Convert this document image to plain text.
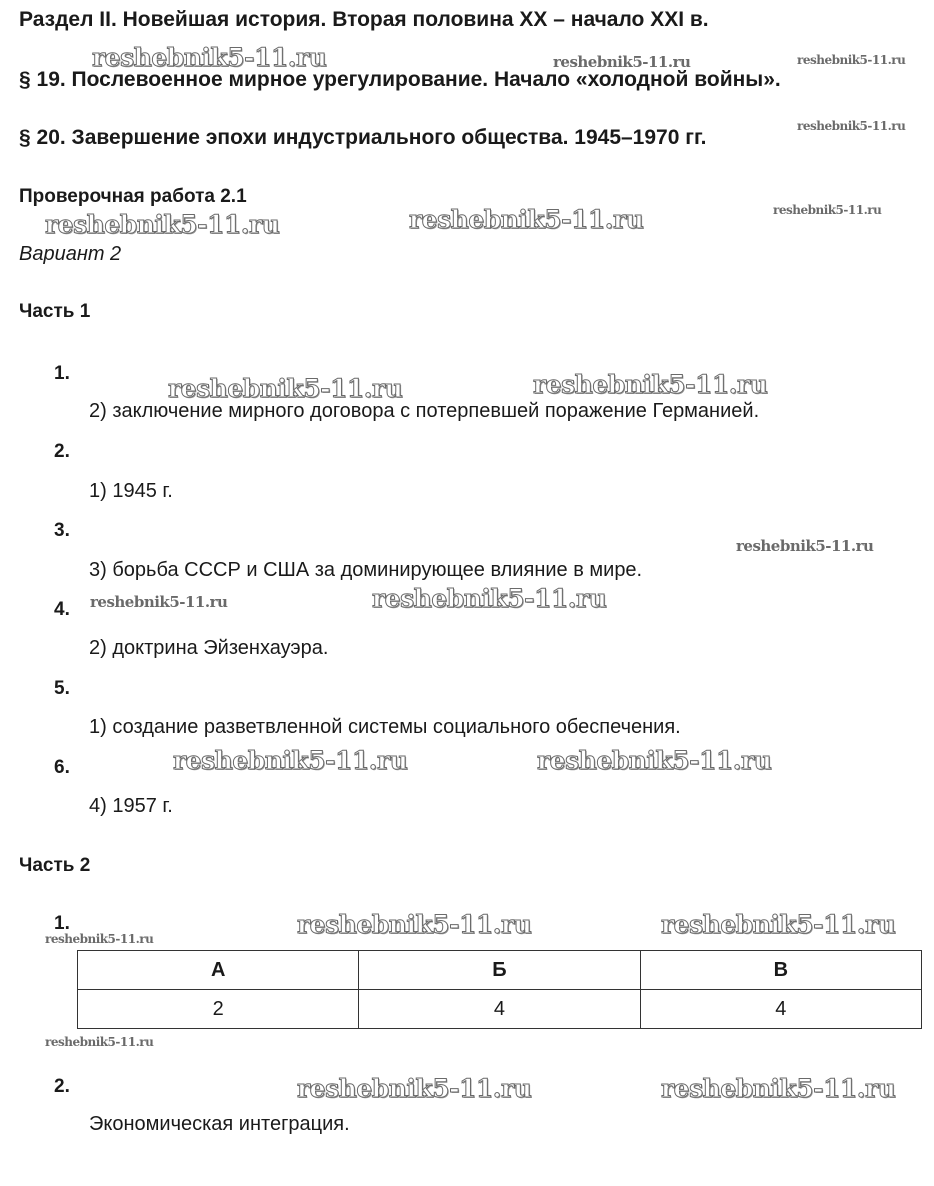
Раздел II. Новейшая история. Вторая половина XX – начало XXI в.
§ 19. Послевоенное мирное урегулирование. Начало «холодной войны».
§ 20. Завершение эпохи индустриального общества. 1945–1970 гг.
Проверочная работа 2.1
Вариант 2
Часть 1
1.
2) заключение мирного договора с потерпевшей поражение Германией.
2.
1) 1945 г.
3.
3) борьба СССР и США за доминирующее влияние в мире.
4.
2) доктрина Эйзенхауэра.
5.
1) создание разветвленной системы социального обеспечения.
6.
4) 1957 г.
Часть 2
1.
А	Б	В
2	4	4
2.
Экономическая интеграция.
reshebnik5-11.ru	reshebnik5-11.ru	reshebnik5-11.ru
reshebnik5-11.ru
reshebnik5-11.ru	reshebnik5-11.ru	reshebnik5-11.ru
reshebnik5-11.ru	reshebnik5-11.ru
reshebnik5-11.ru
reshebnik5-11.ru	reshebnik5-11.ru
reshebnik5-11.ru	reshebnik5-11.ru
reshebnik5-11.ru	reshebnik5-11.ru	reshebnik5-11.ru
reshebnik5-11.ru
reshebnik5-11.ru	reshebnik5-11.ru
